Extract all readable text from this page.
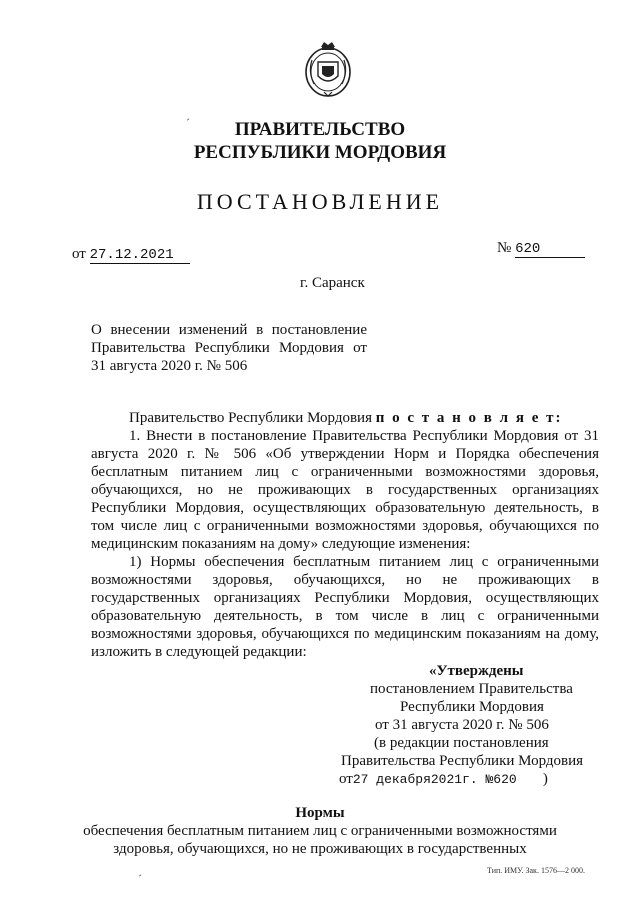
ПРАВИТЕЛЬСТВО
РЕСПУБЛИКИ МОРДОВИЯ
ПОСТАНОВЛЕНИЕ
от 27.12.2021	№ 620
г. Саранск
О внесении изменений в постановление
Правительства Республики Мордовия от
31 августа 2020 г. № 506
Правительство Республики Мордовия п о с т а н о в л я е т:
1. Внести в постановление Правительства Республики Мордовия от 31
августа 2020 г. № 506 «Об утверждении Норм и Порядка обеспечения
бесплатным питанием лиц с ограниченными возможностями здоровья,
обучающихся, но не проживающих в государственных организациях
Республики Мордовия, осуществляющих образовательную деятельность, в
том числе лиц с ограниченными возможностями здоровья, обучающихся по
медицинским показаниям на дому» следующие изменения:
1) Нормы обеспечения бесплатным питанием лиц с ограниченными
возможностями здоровья, обучающихся, но не проживающих в
государственных организациях Республики Мордовия, осуществляющих
образовательную деятельность, в том числе в лиц с ограниченными
возможностями здоровья, обучающихся по медицинским показаниям на дому,
изложить в следующей редакции:
«Утверждены
постановлением Правительства
Республики Мордовия
от 31 августа 2020 г. № 506
(в редакции постановления
Правительства Республики Мордовия
от27 декабря2021г. №620 )
Нормы
обеспечения бесплатным питанием лиц с ограниченными возможностями
здоровья, обучающихся, но не проживающих в государственных
Тип. ИМУ. Зак. 1576—2 000.
ˊ
ˊ
